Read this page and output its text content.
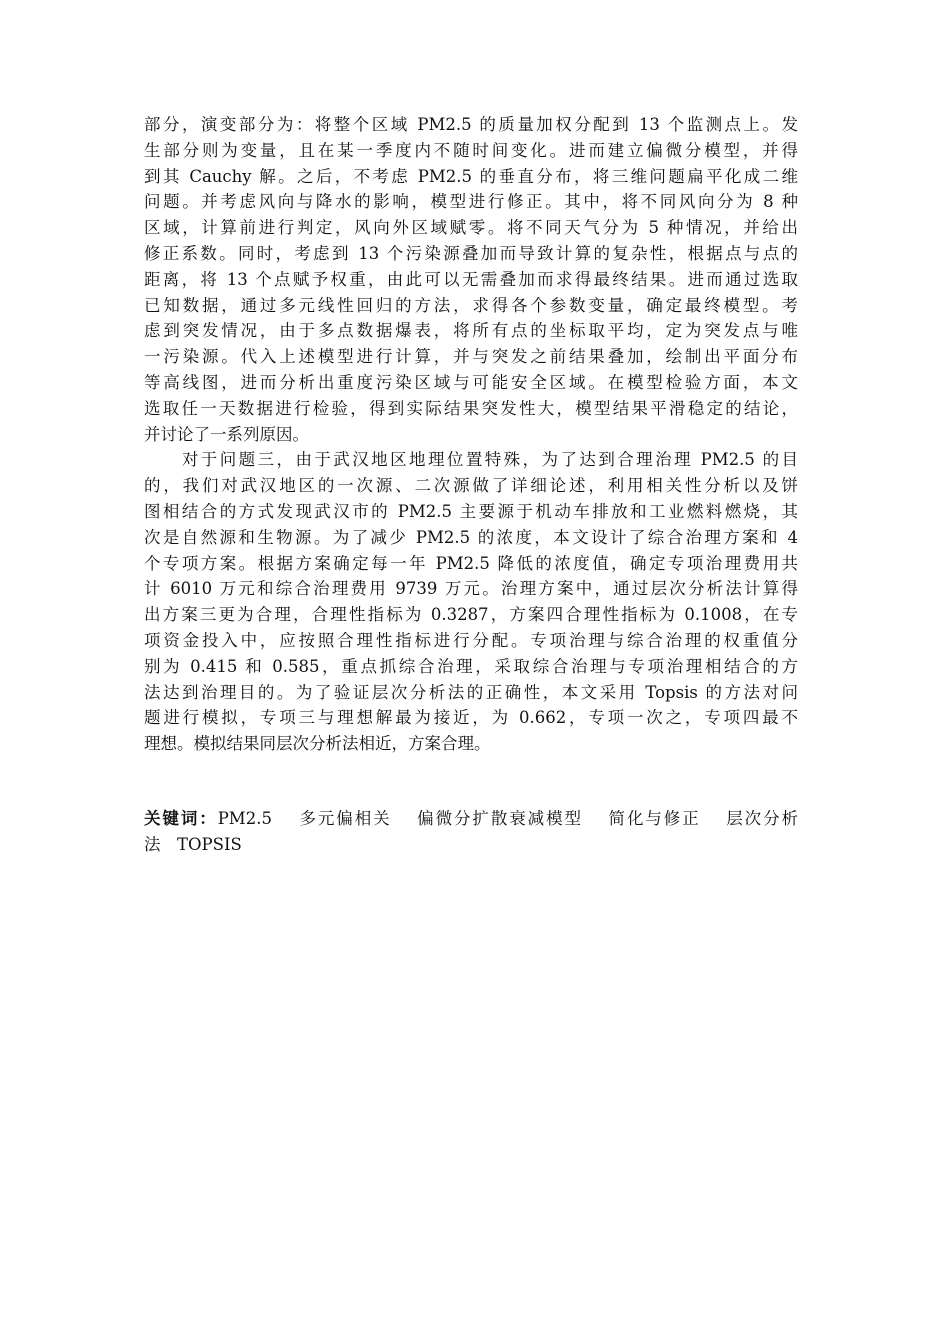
部分，演变部分为：将整个区域 PM2.5 的质量加权分配到 13 个监测点上。发
生部分则为变量，且在某一季度内不随时间变化。进而建立偏微分模型，并得
到其 Cauchy 解。之后，不考虑 PM2.5 的垂直分布，将三维问题扁平化成二维
问题。并考虑风向与降水的影响，模型进行修正。其中，将不同风向分为 8 种
区域，计算前进行判定，风向外区域赋零。将不同天气分为 5 种情况，并给出
修正系数。同时，考虑到 13 个污染源叠加而导致计算的复杂性，根据点与点的
距离，将 13 个点赋予权重，由此可以无需叠加而求得最终结果。进而通过选取
已知数据，通过多元线性回归的方法，求得各个参数变量，确定最终模型。考
虑到突发情况，由于多点数据爆表，将所有点的坐标取平均，定为突发点与唯
一污染源。代入上述模型进行计算，并与突发之前结果叠加，绘制出平面分布
等高线图，进而分析出重度污染区域与可能安全区域。在模型检验方面，本文
选取任一天数据进行检验，得到实际结果突发性大，模型结果平滑稳定的结论，
并讨论了一系列原因。
　　对于问题三，由于武汉地区地理位置特殊，为了达到合理治理 PM2.5 的目
的，我们对武汉地区的一次源、二次源做了详细论述，利用相关性分析以及饼
图相结合的方式发现武汉市的 PM2.5 主要源于机动车排放和工业燃料燃烧，其
次是自然源和生物源。为了减少 PM2.5 的浓度，本文设计了综合治理方案和 4
个专项方案。根据方案确定每一年 PM2.5 降低的浓度值，确定专项治理费用共
计 6010 万元和综合治理费用 9739 万元。治理方案中，通过层次分析法计算得
出方案三更为合理，合理性指标为 0.3287，方案四合理性指标为 0.1008，在专
项资金投入中，应按照合理性指标进行分配。专项治理与综合治理的权重值分
别为 0.415 和 0.585，重点抓综合治理，采取综合治理与专项治理相结合的方
法达到治理目的。为了验证层次分析法的正确性，本文采用 Topsis 的方法对问
题进行模拟，专项三与理想解最为接近，为 0.662，专项一次之，专项四最不
理想。模拟结果同层次分析法相近，方案合理。
关键词：PM2.5　 多元偏相关　 偏微分扩散衰减模型　 简化与修正　 层次分析
法　TOPSIS
